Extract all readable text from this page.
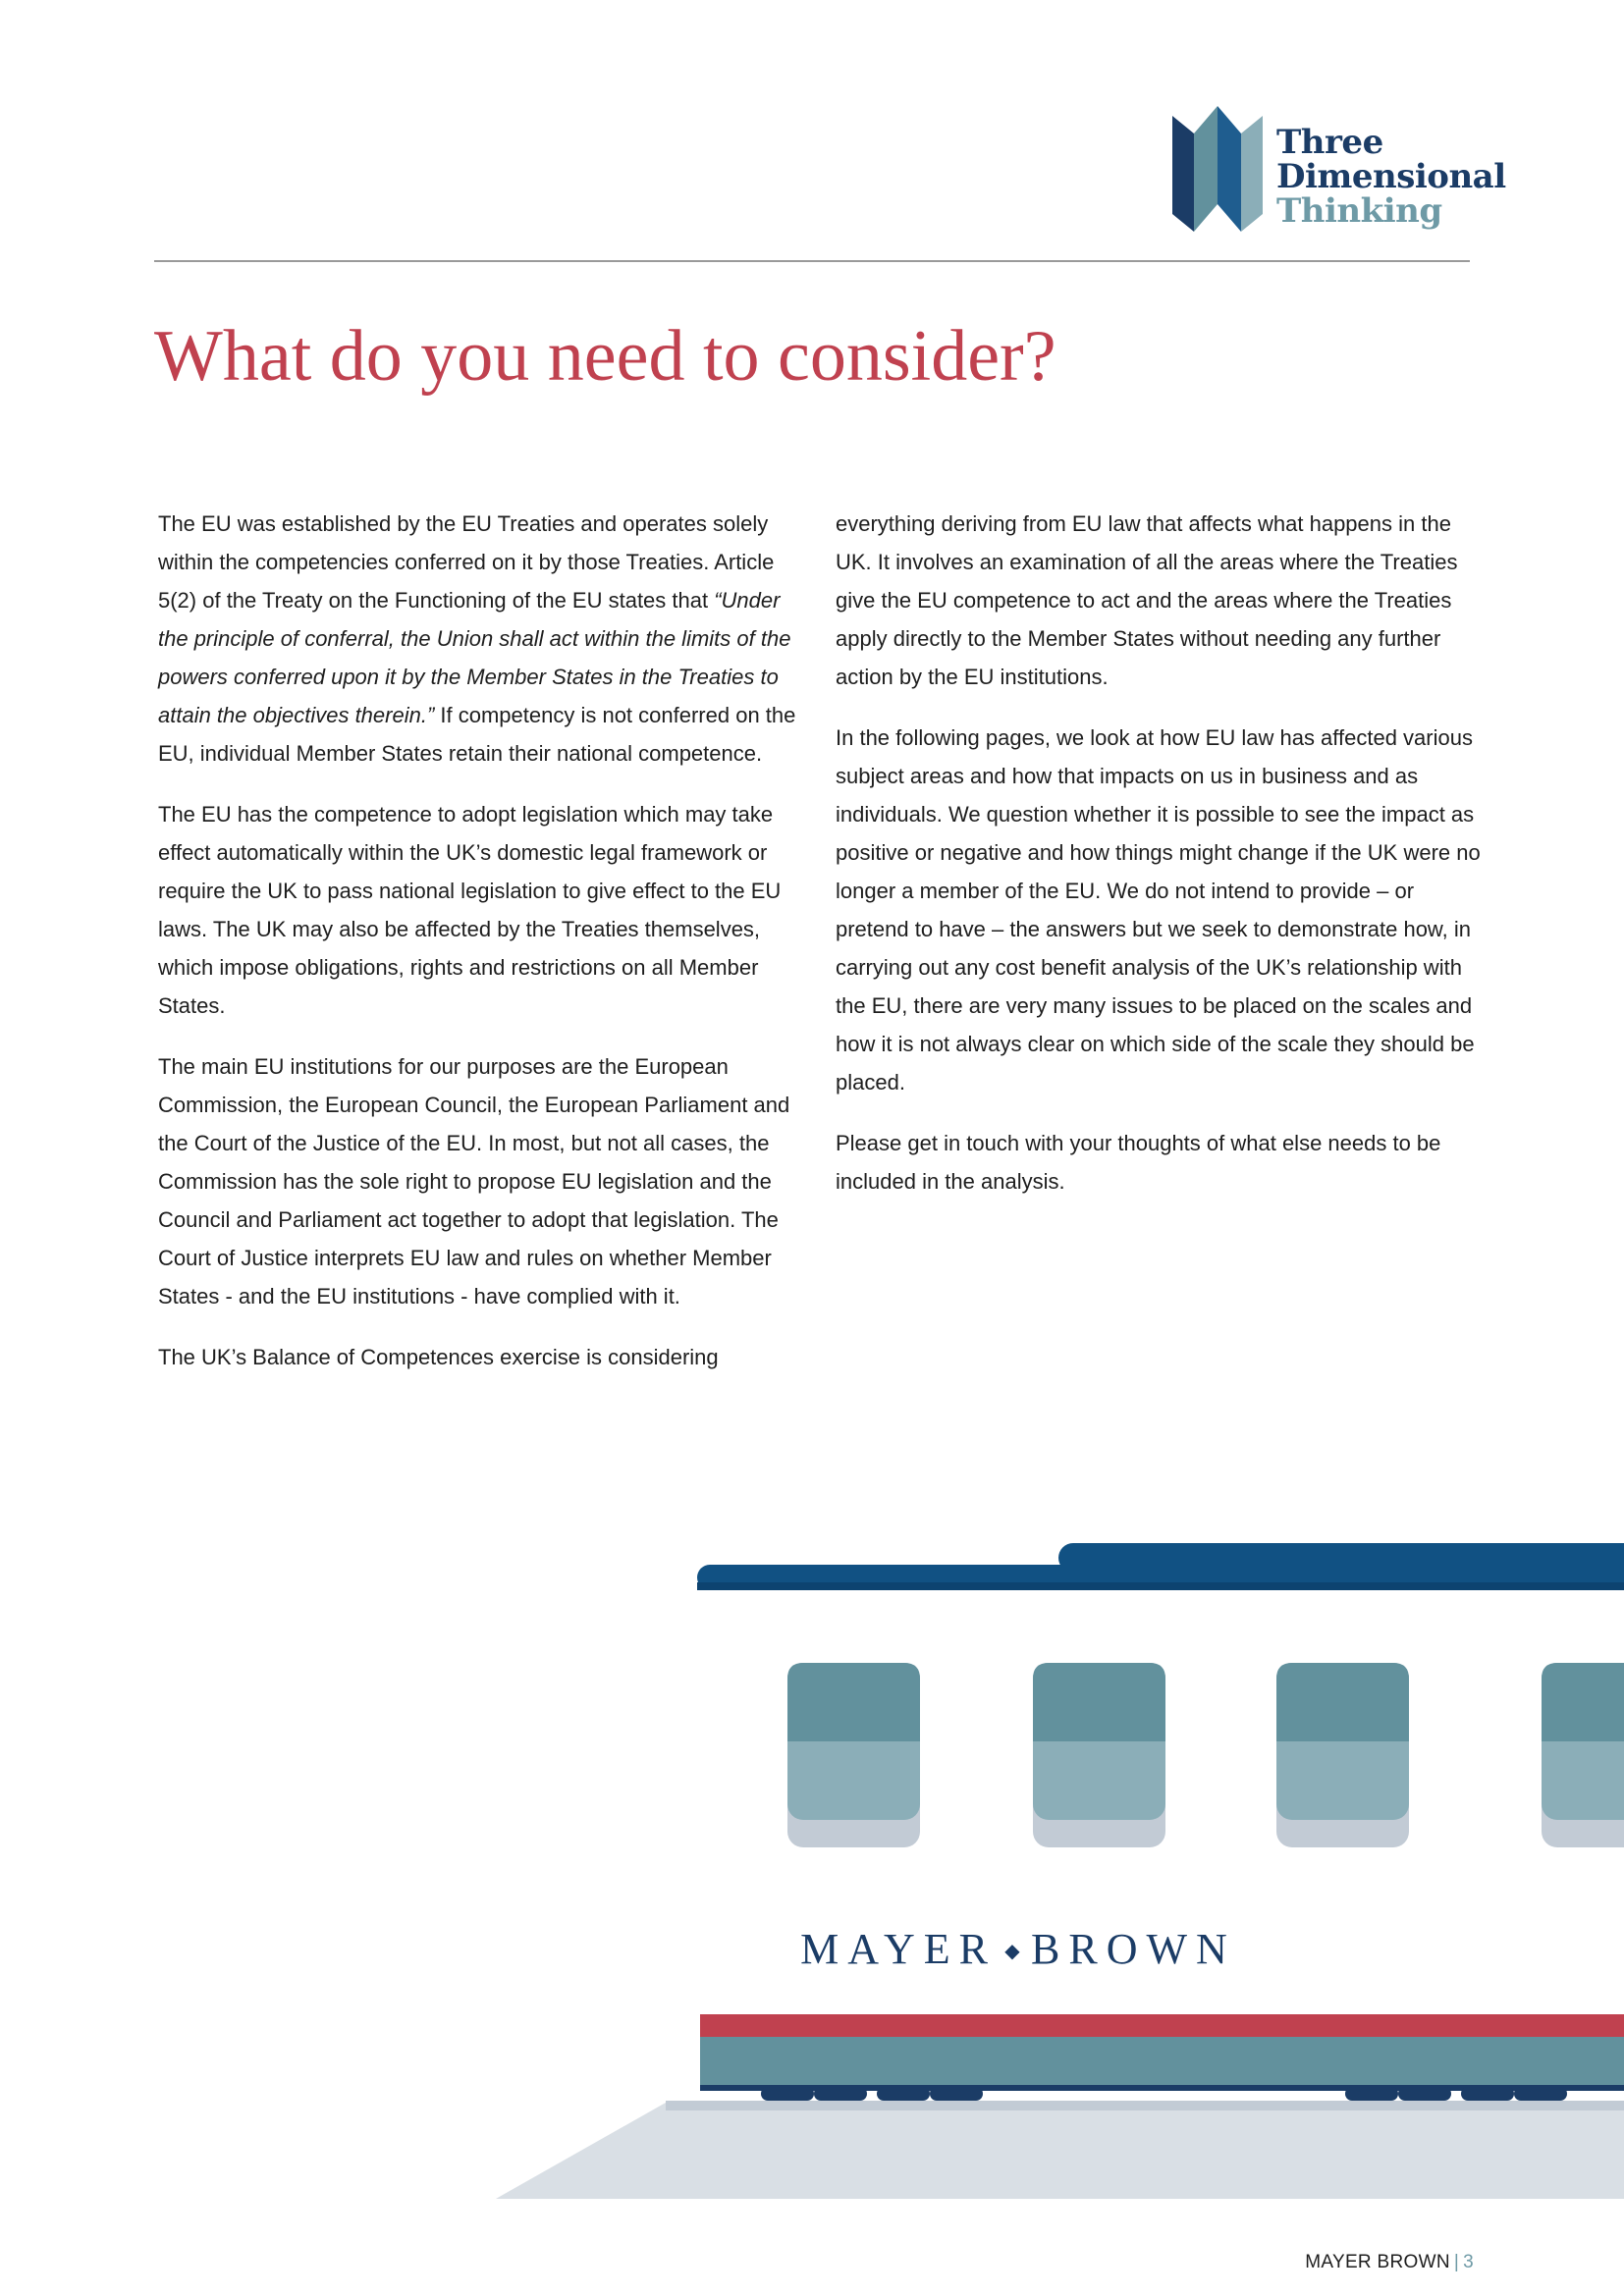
Three
Dimensional
Thinking
What do you need to consider?

The EU was established by the EU Treaties and operates solely within the competencies conferred on it by those Treaties. Article 5(2) of the Treaty on the Functioning of the EU states that “Under the principle of conferral, the Union shall act within the limits of the powers conferred upon it by the Member States in the Treaties to attain the objectives therein.” If competency is not conferred on the EU, individual Member States retain their national competence.

The EU has the competence to adopt legislation which may take effect automatically within the UK’s domestic legal framework or require the UK to pass national legislation to give effect to the EU laws. The UK may also be affected by the Treaties themselves, which impose obligations, rights and restrictions on all Member States.

The main EU institutions for our purposes are the European Commission, the European Council, the European Parliament and the Court of the Justice of the EU. In most, but not all cases, the Commission has the sole right to propose EU legislation and the Council and Parliament act together to adopt that legislation. The Court of Justice interprets EU law and rules on whether Member States - and the EU institutions - have complied with it.

The UK’s Balance of Competences exercise is considering

everything deriving from EU law that affects what happens in the UK. It involves an examination of all the areas where the Treaties give the EU competence to act and the areas where the Treaties apply directly to the Member States without needing any further action by the EU institutions.

In the following pages, we look at how EU law has affected various subject areas and how that impacts on us in business and as individuals. We question whether it is possible to see the impact as positive or negative and how things might change if the UK were no longer a member of the EU. We do not intend to provide – or pretend to have – the answers but we seek to demonstrate how, in carrying out any cost benefit analysis of the UK’s relationship with the EU, there are very many issues to be placed on the scales and how it is not always clear on which side of the scale they should be placed.

Please get in touch with your thoughts of what else needs to be included in the analysis.

MAYER ◆ BROWN
MAYER BROWN | 3
